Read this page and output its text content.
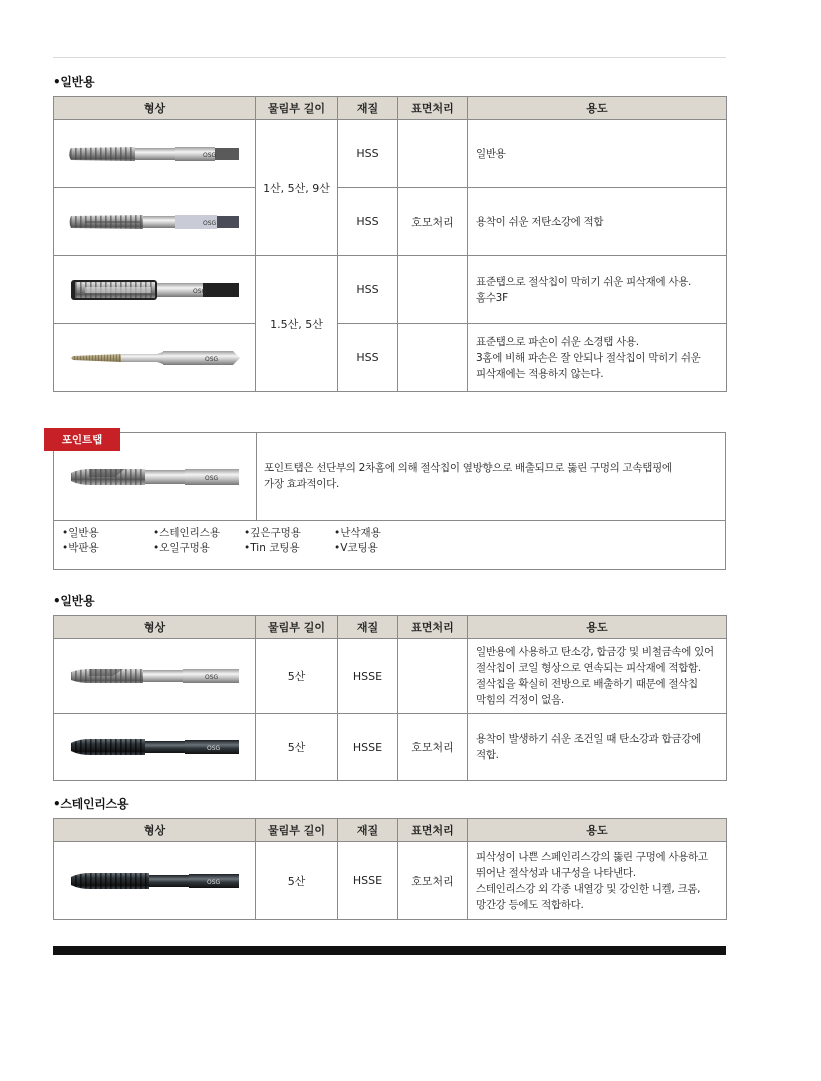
•일반용
형상	물림부 길이	재질	표면처리	용도

OSG	1산, 5산, 9산	HSS		일반용

OSG		HSS	호모처리	용착이 쉬운 저탄소강에 적합

OSG	1.5산, 5산	HSS		표준탭으로 절삭칩이 막히기 쉬운 피삭재에 사용.
홈수3F

OSG		HSS		표준탭으로 파손이 쉬운 소경탭 사용.
3홈에 비해 파손은 잘 안되나 절삭칩이 막히기 쉬운
피삭재에는 적용하지 않는다.
OSG
포인트탭은 선단부의 2차홈에 의해 절삭칩이 옆방향으로 배출되므로 뚫린 구멍의 고속탭핑에
가장 효과적이다.
•일반용	•스테인리스용 •깊은구멍용	•난삭재용
•박판용	•오일구멍용	•Tin 코팅용	•V코팅용
포인트탭
•일반용
형상	물림부 길이	재질	표면처리	용도

OSG	5산	HSSE		일반용에 사용하고 탄소강, 합금강 및 비철금속에 있어
절삭칩이 코일 형상으로 연속되는 피삭재에 적합함.
절삭칩을 확실히 전방으로 배출하기 때문에 절삭칩
막힘의 걱정이 없음.

OSG	5산	HSSE	호모처리	용착이 발생하기 쉬운 조건일 때 탄소강과 합금강에
적합.
•스테인리스용
형상	물림부 길이	재질	표면처리	용도

OSG	5산	HSSE	호모처리	피삭성이 나쁜 스페인리스강의 뚫린 구멍에 사용하고
뛰어난 절삭성과 내구성을 나타낸다.
스테인리스강 외 각종 내열강 및 강인한 니켈, 크롬,
망간강 등에도 적합하다.
